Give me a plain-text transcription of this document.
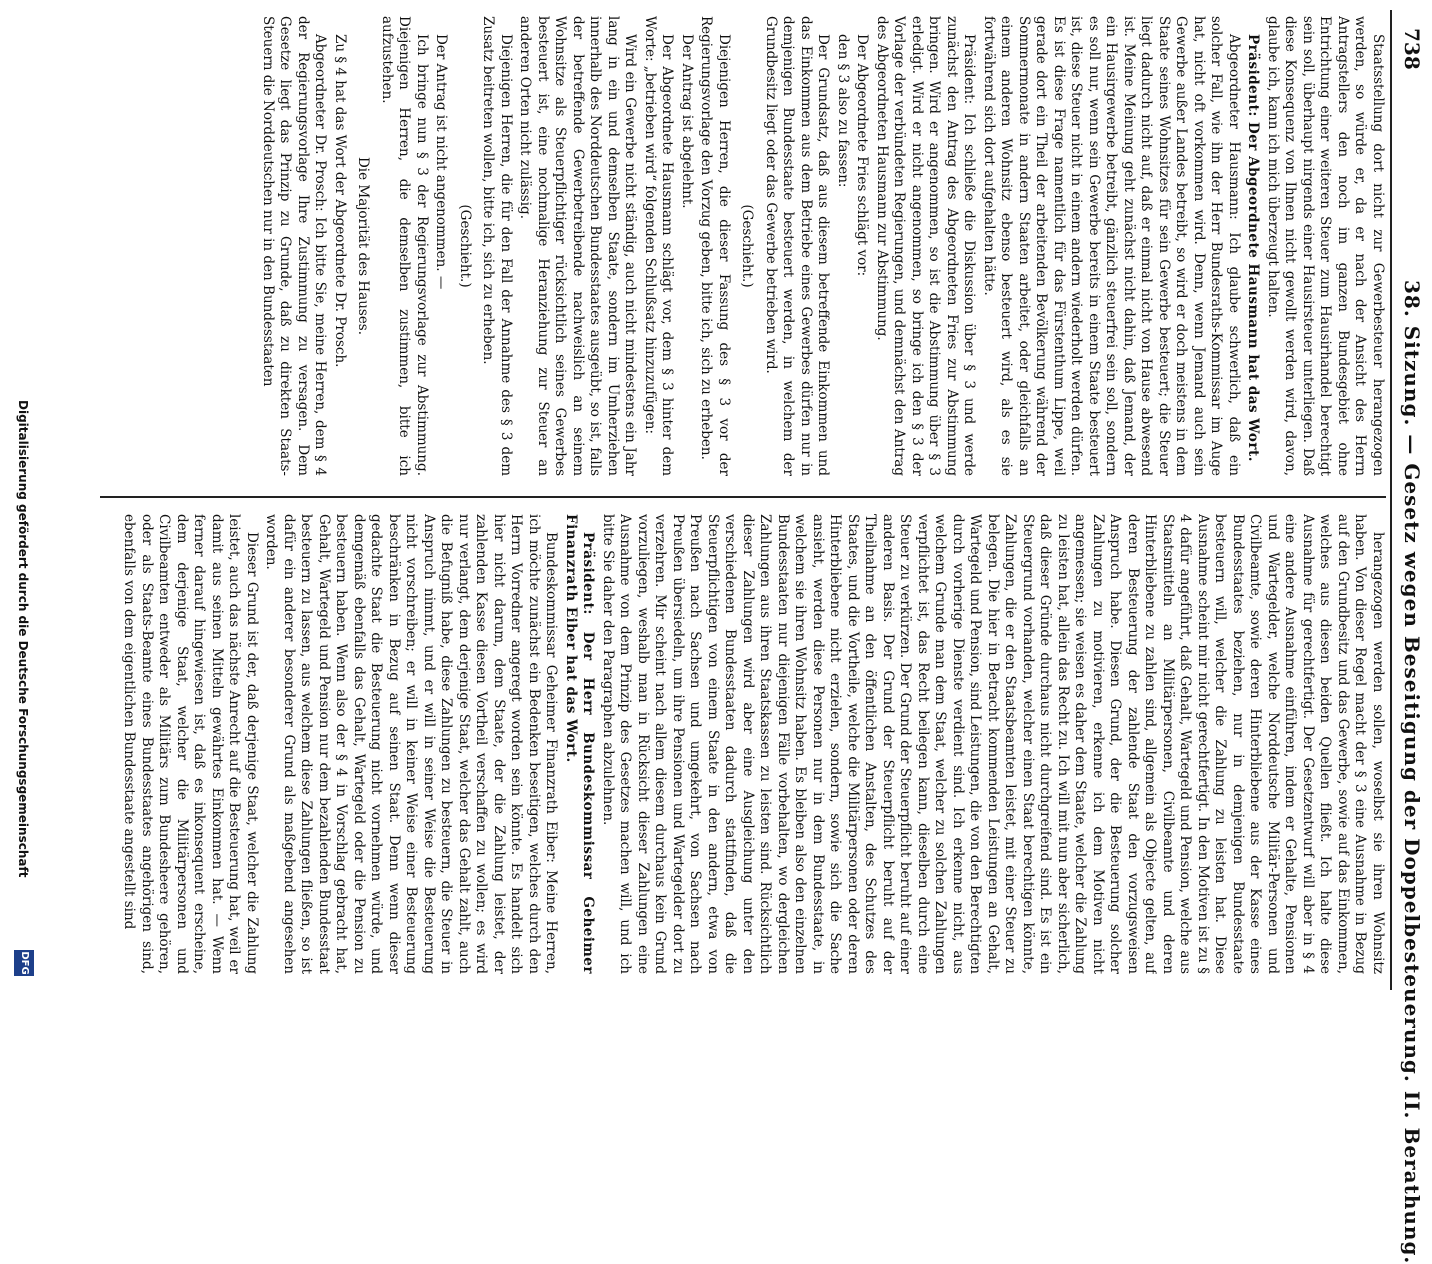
738
38. Sitzung. — Gesetz wegen Beseitigung der Doppelbesteuerung. II. Berathung.

Staatsstellung dort nicht zur Gewerbesteuer herangezogen werden, so würde er, da er nach der Ansicht des Herrn Antragstellers den noch im ganzen Bundesgebiet ohne Entrichtung einer weiteren Steuer zum Hausirhandel berechtigt sein soll, überhaupt nirgends einer Hausirsteuer unterliegen. Daß diese Konsequenz von Ihnen nicht gewollt werden wird, davon, glaube ich, kann ich mich überzeugt halten.

Präsident: Der Abgeordnete Hausmann hat das Wort.

Abgeordneter Hausmann: Ich glaube schwerlich, daß ein solcher Fall, wie ihn der Herr Bundesraths-Kommissar im Auge hat, nicht oft vorkommen wird. Denn, wenn Jemand auch sein Gewerbe außer Landes betreibt, so wird er doch meistens in dem Staate seines Wohnsitzes für sein Gewerbe besteuert; die Steuer liegt dadurch nicht auf, daß er einmal nicht von Hause abwesend ist. Meine Meinung geht zunächst nicht dahin, daß Jemand, der ein Hausirgewerbe betreibt, gänzlich steuerfrei sein soll, sondern es soll nur, wenn sein Gewerbe bereits in einem Staate besteuert ist, diese Steuer nicht in einem andern wiederholt werden dürfen. Es ist diese Frage namentlich für das Fürstenthum Lippe, weil gerade dort ein Theil der arbeitenden Bevölkerung während der Sommermonate in andern Staaten arbeitet, oder gleichfalls an einem anderen Wohnsitz ebenso besteuert wird, als es sie fortwährend sich dort aufgehalten hätte.

Präsident: Ich schließe die Diskussion über § 3 und werde zunächst den Antrag des Abgeordneten Fries zur Abstimmung bringen. Wird er angenommen, so ist die Abstimmung über § 3 erledigt. Wird er nicht angenommen, so bringe ich den § 3 der Vorlage der verbündeten Regierungen, und demnächst den Antrag des Abgeordneten Hausmann zur Abstimmung.

Der Abgeordnete Fries schlägt vor:

den § 3 also zu fassen:

Der Grundsatz, daß aus diesem betreffende Einkommen und das Einkommen aus dem Betriebe eines Gewerbes dürfen nur in demjenigen Bundesstaate besteuert werden, in welchem der Grundbesitz liegt oder das Gewerbe betrieben wird.

(Geschieht.)

Diejenigen Herren, die dieser Fassung des § 3 vor der Regierungsvorlage den Vorzug geben, bitte ich, sich zu erheben.

Der Antrag ist abgelehnt.

Der Abgeordnete Hausmann schlägt vor, dem § 3 hinter dem Worte: „betrieben wird“ folgenden Schlußsatz hinzuzufügen:

Wird ein Gewerbe nicht ständig, auch nicht mindestens ein Jahr lang in ein und demselben Staate, sondern im Umherziehen innerhalb des Norddeutschen Bundesstaates ausgeübt, so ist, falls der betreffende Gewerbetreibende nachweislich an seinem Wohnsitze als Steuerpflichtiger rücksichtlich seines Gewerbes besteuert ist, eine nochmalige Heranziehung zur Steuer an anderen Orten nicht zulässig.

Diejenigen Herren, die für den Fall der Annahme des § 3 dem Zusatz beitreten wollen, bitte ich, sich zu erheben.

(Geschieht.)

Der Antrag ist nicht angenommen. —

Ich bringe nun § 3 der Regierungsvorlage zur Abstimmung. Diejenigen Herren, die demselben zustimmen, bitte ich aufzustehen.

Die Majorität des Hauses.

Zu § 4 hat das Wort der Abgeordnete Dr. Prosch.

Abgeordneter Dr. Prosch: Ich bitte Sie, meine Herren, dem § 4 der Regierungsvorlage Ihre Zustimmung zu versagen. Dem Gesetze liegt das Prinzip zu Grunde, daß zu direkten Staats-Steuern die Norddeutschen nur in den Bundesstaaten

herangezogen werden sollen, woselbst sie ihren Wohnsitz haben. Von dieser Regel macht der § 3 eine Ausnahme in Bezug auf den Grundbesitz und das Gewerbe, sowie auf das Einkommen, welches aus diesen beiden Quellen fließt. Ich halte diese Ausnahme für gerechtfertigt. Der Gesetzentwurf will aber in § 4 eine andere Ausnahme einführen, indem er Gehalte, Pensionen und Wartegelder, welche Norddeutsche Militär-Personen und Civilbeamte, sowie deren Hinterbliebene aus der Kasse eines Bundesstaates beziehen, nur in demjenigen Bundesstaate besteuern will, welcher die Zahlung zu leisten hat. Diese Ausnahme scheint mir nicht gerechtfertigt. In den Motiven ist zu § 4 dafür angeführt, daß Gehalt, Wartegeld und Pension, welche aus Staatsmitteln an Militärpersonen, Civilbeamte und deren Hinterbliebene zu zahlen sind, allgemein als Objecte gelten, auf deren Besteuerung der zahlende Staat den vorzugsweisen Anspruch habe. Diesen Grund, der die Besteuerung solcher Zahlungen zu motivieren, erkenne ich dem Motiven nicht angemessen; sie weisen es daher dem Staate, welcher die Zahlung zu leisten hat, allein das Recht zu. Ich will mit nun aber sicherlich, daß dieser Gründe durchaus nicht durchgreifend sind. Es ist ein Steuergrund vorhanden, welcher einen Staat berechtigen könnte, Zahlungen, die er den Staatsbeamten leistet, mit einer Steuer zu belegen. Die hier in Betracht kommenden Leistungen an Gehalt, Wartegeld und Pension, sind Leistungen, die von den Berechtigten durch vorherige Dienste verdient sind. Ich erkenne nicht, aus welchem Grunde man dem Staat, welcher zu solchen Zahlungen verpflichtet ist, das Recht beilegen kann, dieselben durch eine Steuer zu verkürzen. Der Grund der Steuerpflicht beruht auf einer anderen Basis. Der Grund der Steuerpflicht beruht auf der Theilnahme an den öffentlichen Anstalten, des Schutzes des Staates, und die Vortheile, welche die Militärpersonen oder deren Hinterbliebene nicht erzielen, sondern, sowie sich die Sache ansieht, werden diese Personen nur in dem Bundesstaate, in welchem sie ihren Wohnsitz haben. Es bleiben also den einzelnen Bundesstaaten nur diejenigen Fälle vorbehalten, wo dergleichen Zahlungen aus ihren Staatskassen zu leisten sind. Rücksichtlich dieser Zahlungen wird aber eine Ausgleichung unter den verschiedenen Bundesstaaten dadurch stattfinden, daß die Steuerpflichtigen von einem Staate in den andern, etwa von Preußen nach Sachsen und umgekehrt, von Sachsen nach Preußen übersiedeln, um ihre Pensionen und Wartegelder dort zu verzehren. Mir scheint nach allem diesem durchaus kein Grund vorzuliegen, weshalb man in Rücksicht dieser Zahlungen eine Ausnahme von dem Prinzip des Gesetzes machen will, und ich bitte Sie daher den Paragraphen abzulehnen.

Präsident: Der Herr Bundeskommissar Geheimer Finanzrath Eiber hat das Wort.

Bundeskommissar Geheimer Finanzrath Eiber: Meine Herren, ich möchte zunächst ein Bedenken beseitigen, welches durch den Herrn Vorredner angeregt worden sein könnte. Es handelt sich hier nicht darum, dem Staate, der die Zahlung leistet, der zahlenden Kasse diesen Vortheil verschaffen zu wollen; es wird nur verlangt, dem derjenige Staat, welcher das Gehalt zahlt, auch die Befugniß habe, diese Zahlungen zu besteuern, die Steuer in Anspruch nimmt, und er will in seiner Weise die Besteuerung nicht vorschreiben; er will in keiner Weise einer Besteuerung beschränken in Bezug auf seinen Staat. Denn wenn dieser gedachte Staat die Besteuerung nicht vornehmen würde, und demgemäß ebenfalls das Gehalt, Wartegeld oder die Pension zu besteuern haben. Wenn also der § 4 in Vorschlag gebracht hat, Gehalt, Wartegeld und Pension nur dem bezahlenden Bundesstaat besteuern zu lassen, aus welchem diese Zahlungen fließen, so ist dafür ein anderer besonderer Grund als maßgebend angesehen worden.

Dieser Grund ist der, daß derjenige Staat, welcher die Zahlung leistet, auch das nächste Anrecht auf die Besteuerung hat, weil er damit aus seinen Mitteln gewährtes Einkommen hat. — Wenn ferner darauf hingewiesen ist, daß es inkonsequent erscheine, dem derjenige Staat, welcher die Militärpersonen und Civilbeamten entweder als Militärs zum Bundesheere gehören, oder als Staats-Beamte eines Bundesstaates angehörigen sind, ebenfalls von dem eigentlichen Bundesstaate angestellt sind

Digitalisierung gefördert durch die Deutsche Forschungsgemeinschaft
DFG
